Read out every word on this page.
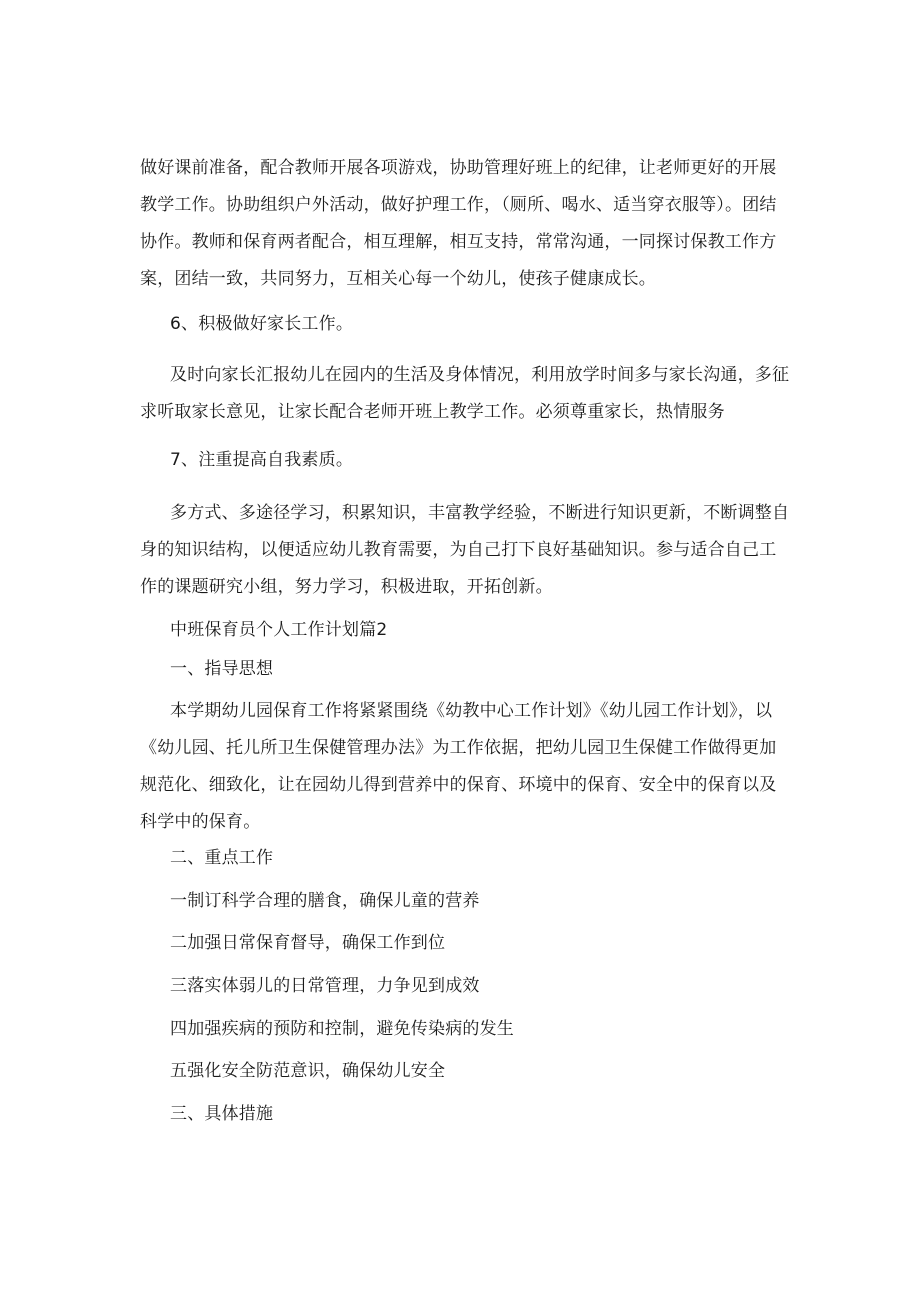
做好课前准备，配合教师开展各项游戏，协助管理好班上的纪律，让老师更好的开展教学工作。协助组织户外活动，做好护理工作，（厕所、喝水、适当穿衣服等）。团结协作。教师和保育两者配合，相互理解，相互支持，常常沟通，一同探讨保教工作方案，团结一致，共同努力，互相关心每一个幼儿，使孩子健康成长。

6、积极做好家长工作。

及时向家长汇报幼儿在园内的生活及身体情况，利用放学时间多与家长沟通，多征求听取家长意见，让家长配合老师开班上教学工作。必须尊重家长，热情服务

7、注重提高自我素质。

多方式、多途径学习，积累知识，丰富教学经验，不断进行知识更新，不断调整自身的知识结构，以便适应幼儿教育需要，为自己打下良好基础知识。参与适合自己工作的课题研究小组，努力学习，积极进取，开拓创新。

中班保育员个人工作计划篇2

一、指导思想

本学期幼儿园保育工作将紧紧围绕《幼教中心工作计划》《幼儿园工作计划》，以《幼儿园、托儿所卫生保健管理办法》为工作依据，把幼儿园卫生保健工作做得更加规范化、细致化，让在园幼儿得到营养中的保育、环境中的保育、安全中的保育以及科学中的保育。

二、重点工作

一制订科学合理的膳食，确保儿童的营养

二加强日常保育督导，确保工作到位

三落实体弱儿的日常管理，力争见到成效

四加强疾病的预防和控制，避免传染病的发生

五强化安全防范意识，确保幼儿安全

三、具体措施
